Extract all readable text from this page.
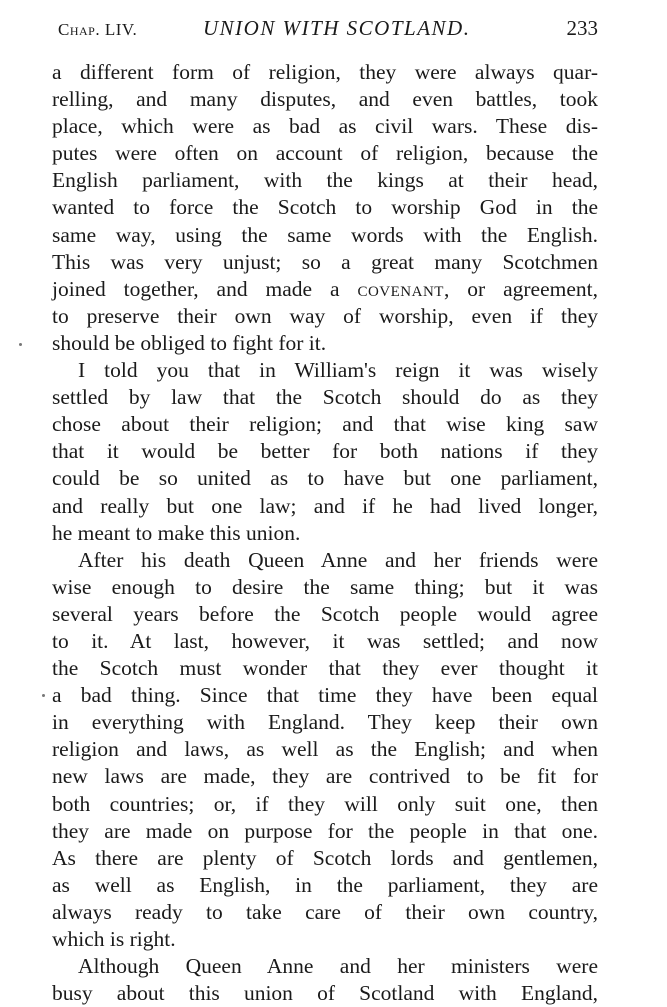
Chap. LIV.	UNION WITH SCOTLAND.	233
a different form of religion, they were always quar-
relling, and many disputes, and even battles, took
place, which were as bad as civil wars. These dis-
putes were often on account of religion, because the
English parliament, with the kings at their head,
wanted to force the Scotch to worship God in the
same way, using the same words with the English.
This was very unjust; so a great many Scotchmen
joined together, and made a covenant, or agreement,
to preserve their own way of worship, even if they
should be obliged to fight for it.
I told you that in William's reign it was wisely
settled by law that the Scotch should do as they
chose about their religion; and that wise king saw
that it would be better for both nations if they
could be so united as to have but one parliament,
and really but one law; and if he had lived longer,
he meant to make this union.
After his death Queen Anne and her friends were
wise enough to desire the same thing; but it was
several years before the Scotch people would agree
to it. At last, however, it was settled; and now
the Scotch must wonder that they ever thought it
a bad thing. Since that time they have been equal
in everything with England. They keep their own
religion and laws, as well as the English; and when
new laws are made, they are contrived to be fit for
both countries; or, if they will only suit one, then
they are made on purpose for the people in that one.
As there are plenty of Scotch lords and gentlemen,
as well as English, in the parliament, they are
always ready to take care of their own country,
which is right.
Although Queen Anne and her ministers were
busy about this union of Scotland with England,
